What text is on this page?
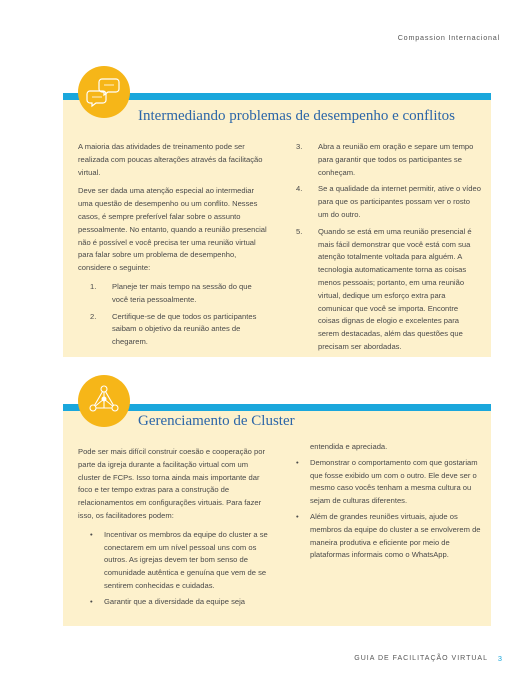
Compassion Internacional
Intermediando problemas de desempenho e conflitos

A maioria das atividades de treinamento pode ser realizada com poucas alterações através da facilitação virtual.

Deve ser dada uma atenção especial ao intermediar uma questão de desempenho ou um conflito. Nesses casos, é sempre preferível falar sobre o assunto pessoalmente. No entanto, quando a reunião presencial não é possível e você precisa ter uma reunião virtual para falar sobre um problema de desempenho, considere o seguinte:

1. Planeje ter mais tempo na sessão do que você teria pessoalmente.
2. Certifique-se de que todos os participantes saibam o objetivo da reunião antes de chegarem.
3. Abra a reunião em oração e separe um tempo para garantir que todos os participantes se conheçam.
4. Se a qualidade da internet permitir, ative o vídeo para que os participantes possam ver o rosto um do outro.
5. Quando se está em uma reunião presencial é mais fácil demonstrar que você está com sua atenção totalmente voltada para alguém. A tecnologia automaticamente torna as coisas menos pessoais; portanto, em uma reunião virtual, dedique um esforço extra para comunicar que você se importa. Encontre coisas dignas de elogio e excelentes para serem destacadas, além das questões que precisam ser abordadas.
Gerenciamento de Cluster

Pode ser mais difícil construir coesão e cooperação por parte da igreja durante a facilitação virtual com um cluster de FCPs. Isso torna ainda mais importante dar foco e ter tempo extras para a construção de relacionamentos em configurações virtuais. Para fazer isso, os facilitadores podem:

• Incentivar os membros da equipe do cluster a se conectarem em um nível pessoal uns com os outros. As igrejas devem ter bom senso de comunidade autêntica e genuína que vem de se sentirem conhecidas e cuidadas.
• Garantir que a diversidade da equipe seja

entendida e apreciada.

• Demonstrar o comportamento com que gostariam que fosse exibido um com o outro. Ele deve ser o mesmo caso vocês tenham a mesma cultura ou sejam de culturas diferentes.
• Além de grandes reuniões virtuais, ajude os membros da equipe do cluster a se envolverem de maneira produtiva e eficiente por meio de plataformas informais como o WhatsApp.
GUIA DE FACILITAÇÃO VIRTUAL 3
